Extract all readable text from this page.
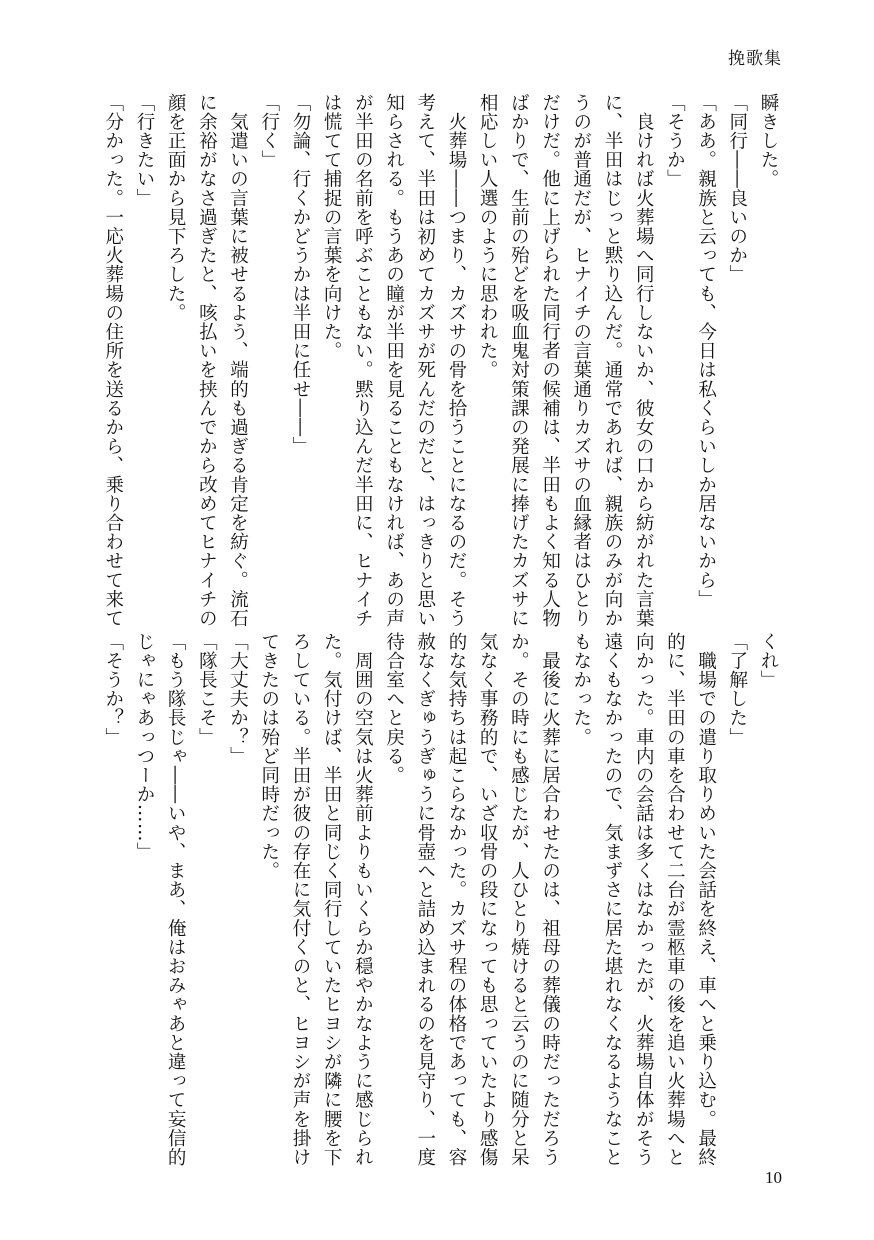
挽歌集

瞬きした。

「同行――良いのか」

「ああ。親族と云っても、今日は私くらいしか居ないから」

「そうか」

　良ければ火葬場へ同行しないか、彼女の口から紡がれた言葉

に、半田はじっと黙り込んだ。通常であれば、親族のみが向か

うのが普通だが、ヒナイチの言葉通りカズサの血縁者はひとり

だけだ。他に上げられた同行者の候補は、半田もよく知る人物

ばかりで、生前の殆どを吸血鬼対策課の発展に捧げたカズサに

相応しい人選のように思われた。

　火葬場――つまり、カズサの骨を拾うことになるのだ。そう

考えて、半田は初めてカズサが死んだのだと、はっきりと思い

知らされる。もうあの瞳が半田を見ることもなければ、あの声

が半田の名前を呼ぶこともない。黙り込んだ半田に、ヒナイチ

は慌てて捕捉の言葉を向けた。

「勿論、行くかどうかは半田に任せ――」

「行く」

　気遣いの言葉に被せるよう、端的も過ぎる肯定を紡ぐ。流石

に余裕がなさ過ぎたと、咳払いを挟んでから改めてヒナイチの

顔を正面から見下ろした。

「行きたい」

「分かった。一応火葬場の住所を送るから、乗り合わせて来て

くれ」

「了解した」

　職場での遣り取りめいた会話を終え、車へと乗り込む。最終

的に、半田の車を合わせて二台が霊柩車の後を追い火葬場へと

向かった。車内の会話は多くはなかったが、火葬場自体がそう

遠くもなかったので、気まずさに居た堪れなくなるようなこと

もなかった。

　最後に火葬に居合わせたのは、祖母の葬儀の時だっただろう

か。その時にも感じたが、人ひとり焼けると云うのに随分と呆

気なく事務的で、いざ収骨の段になっても思っていたより感傷

的な気持ちは起こらなかった。カズサ程の体格であっても、容

赦なくぎゅうぎゅうに骨壺へと詰め込まれるのを見守り、一度

待合室へと戻る。

　周囲の空気は火葬前よりもいくらか穏やかなように感じられ

た。気付けば、半田と同じく同行していたヒヨシが隣に腰を下

ろしている。半田が彼の存在に気付くのと、ヒヨシが声を掛け

てきたのは殆ど同時だった。

「大丈夫か？」

「隊長こそ」

「もう隊長じゃ――いや、まあ、俺はおみゃあと違って妄信的

じゃにゃあっつーか……」

「そうか？」

10
